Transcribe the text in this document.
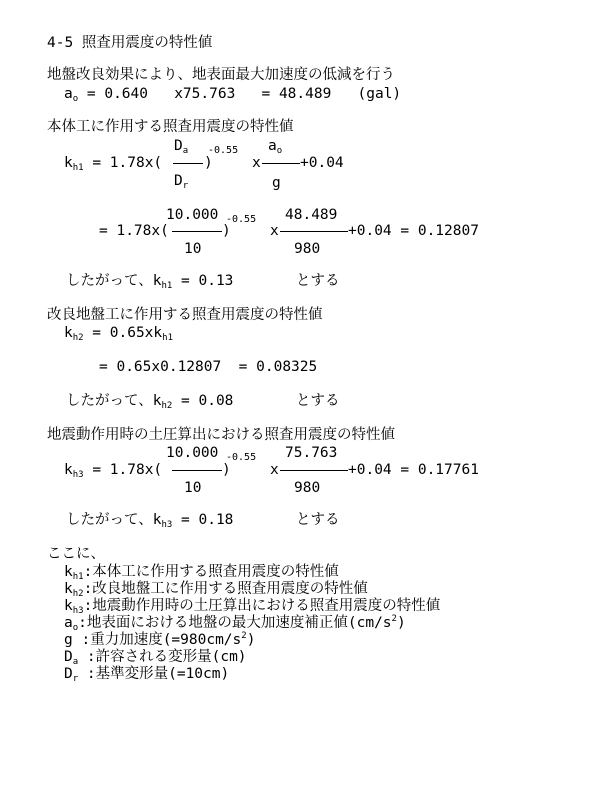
4-5 照査用震度の特性値
地盤改良効果により、地表面最大加速度の低減を行う
$a_o = 0.640$   x75.763   = 48.489   (gal)
本体工に作用する照査用震度の特性値
$D_a$ -0.55 $a_o$
$k_{h1} = 1.78x$(	)	x	+0.04
$D_r$	g
10.000 -0.55 48.489
= 1.78x(	)	x	+0.04 = 0.12807
10	980
したがって、$k_{h1} = 0.13$	とする
改良地盤工に作用する照査用震度の特性値
$k_{h2} = 0.65xk_{h1}$
= 0.65x0.12807  = 0.08325
したがって、$k_{h2} = 0.08$	とする
地震動作用時の土圧算出における照査用震度の特性値
10.000 -0.55 75.763
$k_{h3} = 1.78x$(	)	x	+0.04 = 0.17761
10	980
したがって、$k_{h3} = 0.18$	とする
ここに、
$k_{h1}$:本体工に作用する照査用震度の特性値
$k_{h2}$:改良地盤工に作用する照査用震度の特性値
$k_{h3}$:地震動作用時の土圧算出における照査用震度の特性値
$a_o$:地表面における地盤の最大加速度補正値$(cm/s^2)$
g :重力加速度$(=980cm/s^2)$
$D_a$ :許容される変形量(cm)
$D_r$ :基準変形量(=10cm)
